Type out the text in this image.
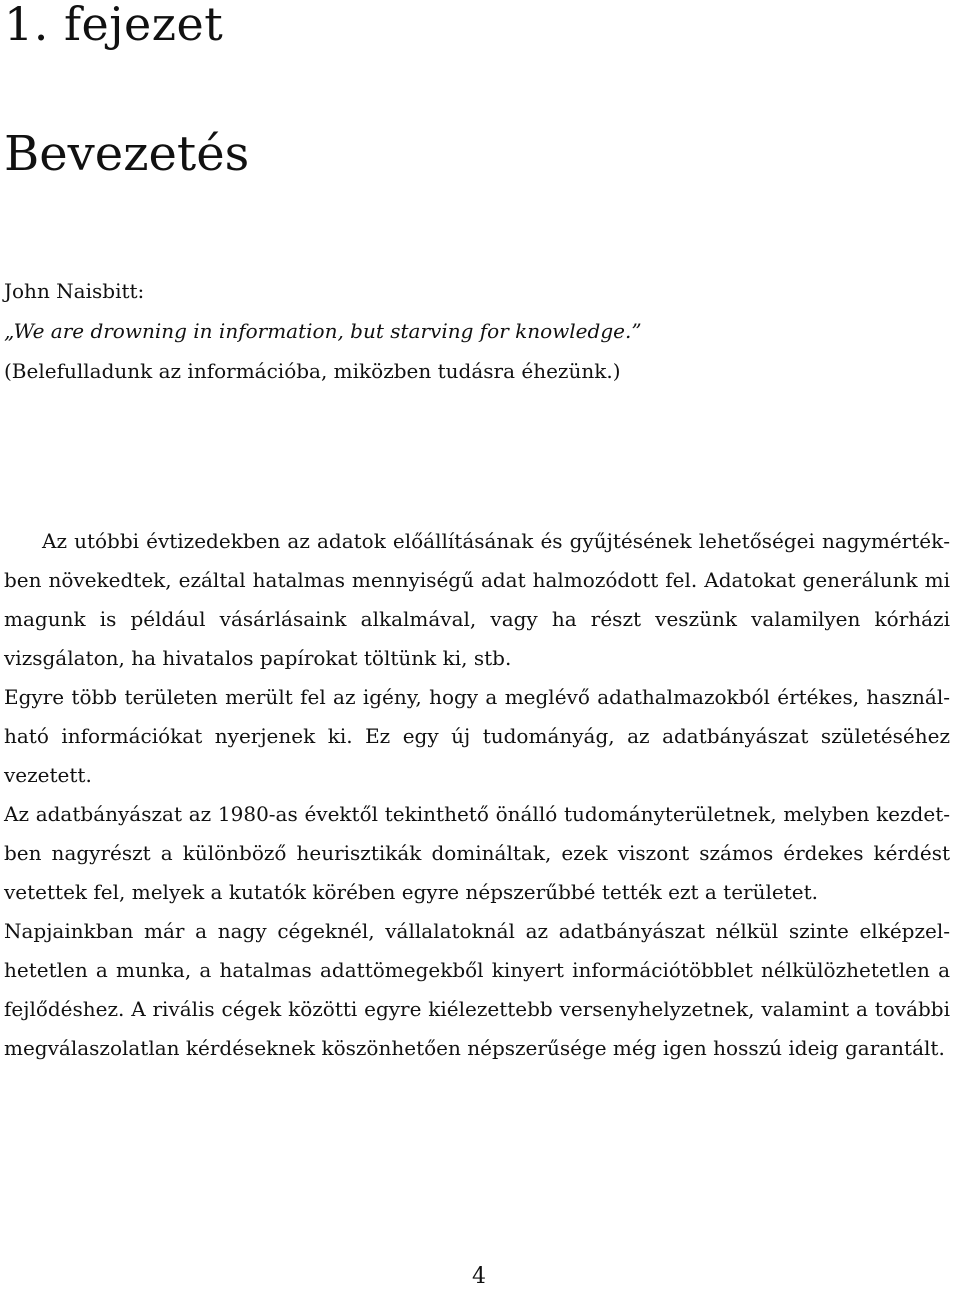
1. fejezet
Bevezetés
John Naisbitt:
„We are drowning in information, but starving for knowledge.”
(Belefulladunk az információba, miközben tudásra éhezünk.)

Az utóbbi évtizedekben az adatok előállításának és gyűjtésének lehetőségei nagymértékben növekedtek, ezáltal hatalmas mennyiségű adat halmozódott fel. Adatokat generálunk mi magunk is például vásárlásaink alkalmával, vagy ha részt veszünk valamilyen kórházi vizsgálaton, ha hivatalos papírokat töltünk ki, stb.

Egyre több területen merült fel az igény, hogy a meglévő adathalmazokból értékes, használható információkat nyerjenek ki. Ez egy új tudományág, az adatbányászat születéséhez vezetett.

Az adatbányászat az 1980-as évektől tekinthető önálló tudományterületnek, melyben kezdetben nagyrészt a különböző heurisztikák domináltak, ezek viszont számos érdekes kérdést vetettek fel, melyek a kutatók körében egyre népszerűbbé tették ezt a területet.

Napjainkban már a nagy cégeknél, vállalatoknál az adatbányászat nélkül szinte elképzelhetetlen a munka, a hatalmas adattömegekből kinyert információtöbblet nélkülözhetetlen a fejlődéshez. A rivális cégek közötti egyre kiélezettebb versenyhelyzetnek, valamint a további megválaszolatlan kérdéseknek köszönhetően népszerűsége még igen hosszú ideig garantált.

4
